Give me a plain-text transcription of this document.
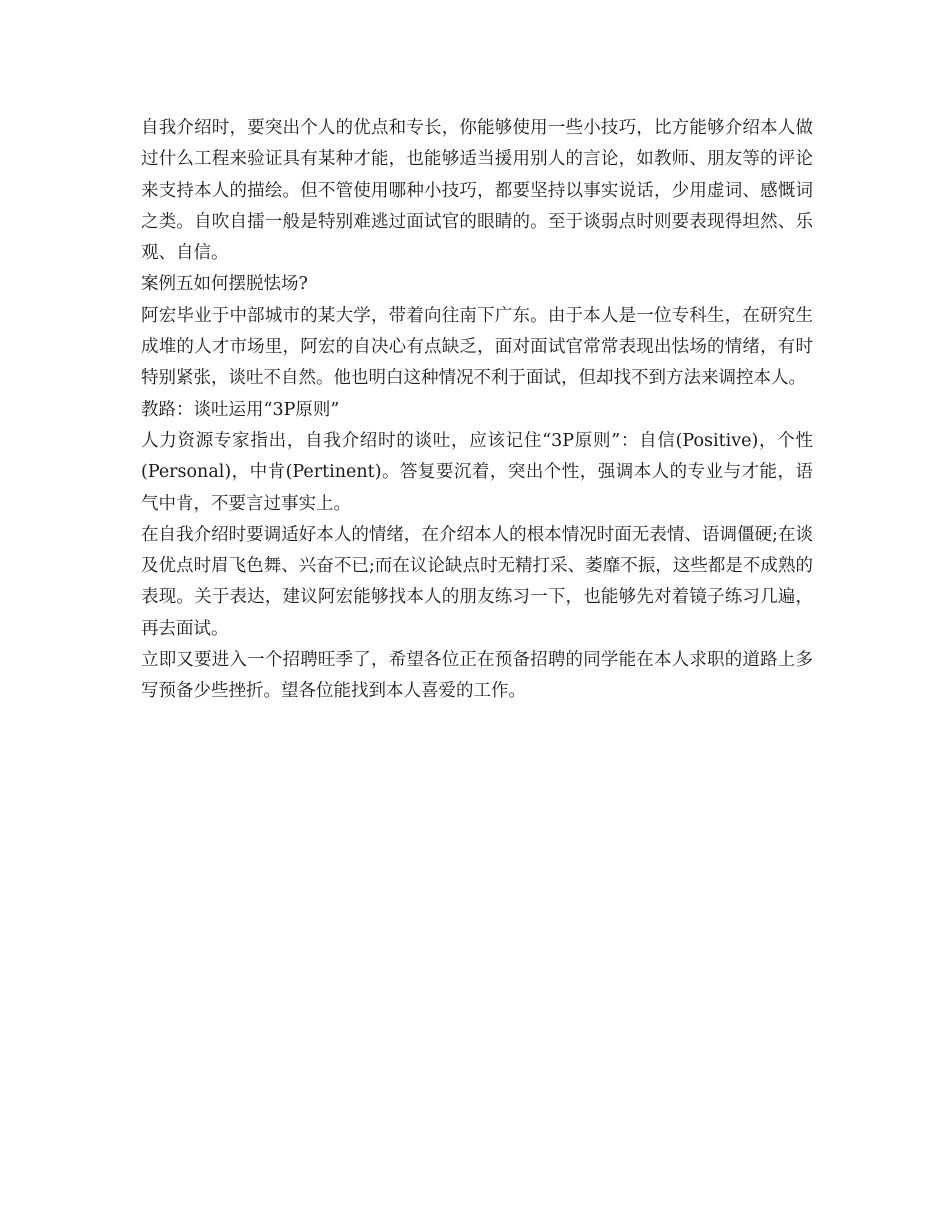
自我介绍时，要突出个人的优点和专长，你能够使用一些小技巧，比方能够介绍本人做过什么工程来验证具有某种才能，也能够适当援用别人的言论，如教师、朋友等的评论来支持本人的描绘。但不管使用哪种小技巧，都要坚持以事实说话，少用虚词、感慨词之类。自吹自擂一般是特别难逃过面试官的眼睛的。至于谈弱点时则要表现得坦然、乐观、自信。

案例五如何摆脱怯场?

阿宏毕业于中部城市的某大学，带着向往南下广东。由于本人是一位专科生，在研究生成堆的人才市场里，阿宏的自决心有点缺乏，面对面试官常常表现出怯场的情绪，有时特别紧张，谈吐不自然。他也明白这种情况不利于面试，但却找不到方法来调控本人。

教路：谈吐运用“3P原则”

人力资源专家指出，自我介绍时的谈吐，应该记住“3P原则”：自信(Positive)，个性(Personal)，中肯(Pertinent)。答复要沉着，突出个性，强调本人的专业与才能，语气中肯，不要言过事实上。

在自我介绍时要调适好本人的情绪，在介绍本人的根本情况时面无表情、语调僵硬;在谈及优点时眉飞色舞、兴奋不已;而在议论缺点时无精打采、萎靡不振，这些都是不成熟的表现。关于表达，建议阿宏能够找本人的朋友练习一下，也能够先对着镜子练习几遍，再去面试。

立即又要进入一个招聘旺季了，希望各位正在预备招聘的同学能在本人求职的道路上多写预备少些挫折。望各位能找到本人喜爱的工作。
